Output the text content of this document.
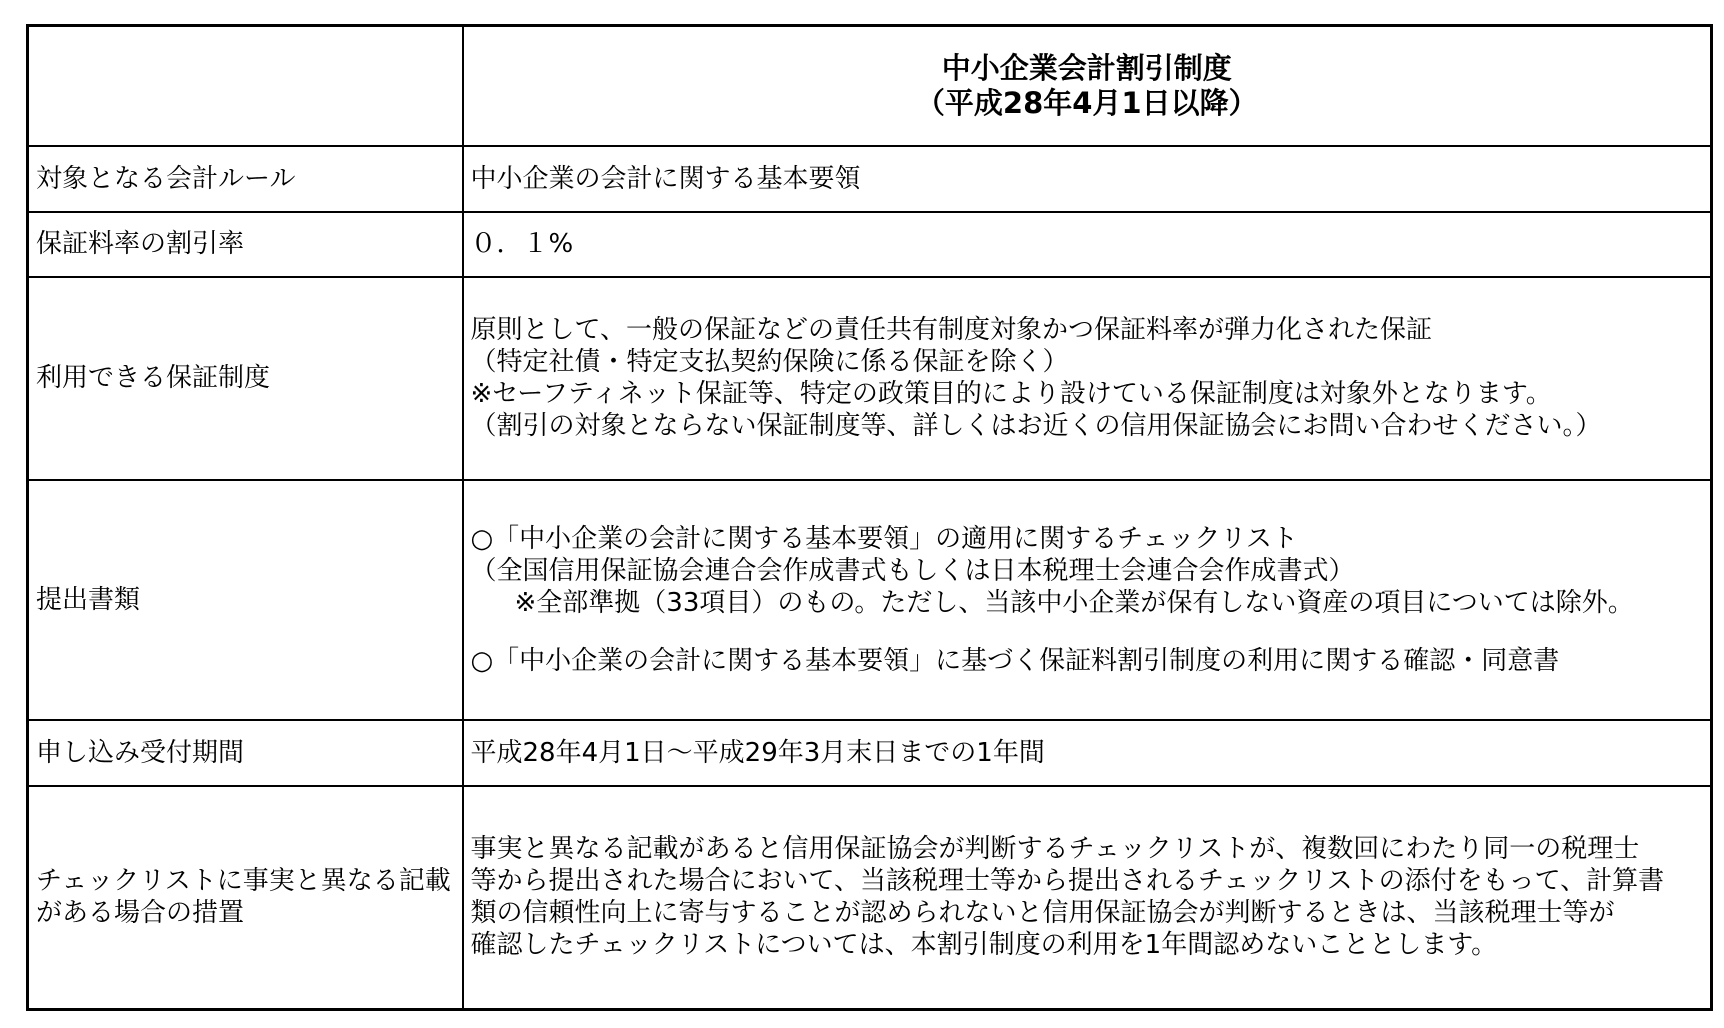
	中小企業会計割引制度
（平成28年4月1日以降）

対象となる会計ルール	中小企業の会計に関する基本要領
保証料率の割引率	０．１%
利用できる保証制度	原則として、一般の保証などの責任共有制度対象かつ保証料率が弾力化された保証
（特定社債・特定支払契約保険に係る保証を除く）
※セーフティネット保証等、特定の政策目的により設けている保証制度は対象外となります。
（割引の対象とならない保証制度等、詳しくはお近くの信用保証協会にお問い合わせください。）

提出書類	○「中小企業の会計に関する基本要領」の適用に関するチェックリスト
（全国信用保証協会連合会作成書式もしくは日本税理士会連合会作成書式）
※全部準拠（33項目）のもの。ただし、当該中小企業が保有しない資産の項目については除外。
○「中小企業の会計に関する基本要領」に基づく保証料割引制度の利用に関する確認・同意書

申し込み受付期間	平成28年4月1日～平成29年3月末日までの1年間

チェックリストに事実と異なる記載
がある場合の措置	事実と異なる記載があると信用保証協会が判断するチェックリストが、複数回にわたり同一の税理士
等から提出された場合において、当該税理士等から提出されるチェックリストの添付をもって、計算書
類の信頼性向上に寄与することが認められないと信用保証協会が判断するときは、当該税理士等が
確認したチェックリストについては、本割引制度の利用を1年間認めないこととします。
